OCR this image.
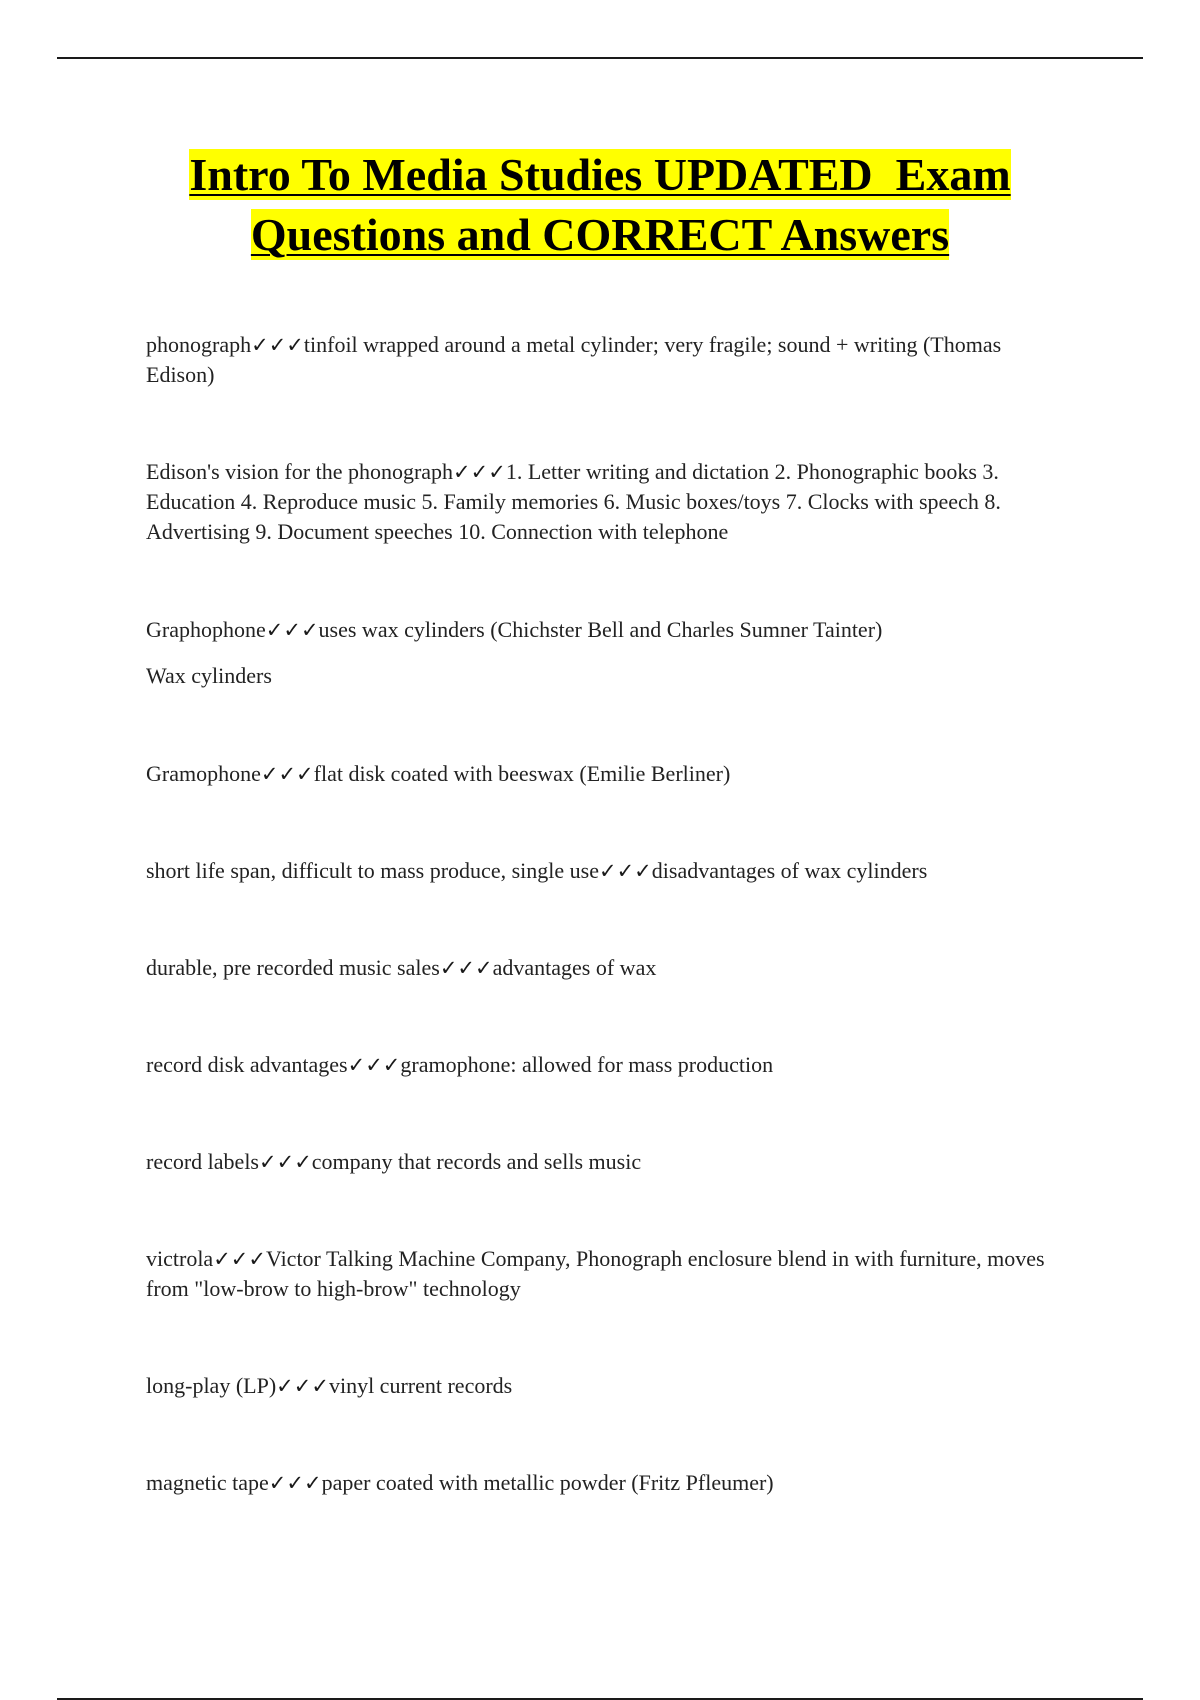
Intro To Media Studies UPDATED  Exam
Questions and CORRECT Answers
phonograph✓✓✓tinfoil wrapped around a metal cylinder; very fragile; sound + writing (Thomas Edison)
Edison's vision for the phonograph✓✓✓1. Letter writing and dictation 2. Phonographic books 3. Education 4. Reproduce music 5. Family memories 6. Music boxes/toys 7. Clocks with speech 8. Advertising 9. Document speeches 10. Connection with telephone
Graphophone✓✓✓uses wax cylinders (Chichster Bell and Charles Sumner Tainter)
Wax cylinders
Gramophone✓✓✓flat disk coated with beeswax (Emilie Berliner)
short life span, difficult to mass produce, single use✓✓✓disadvantages of wax cylinders
durable, pre recorded music sales✓✓✓advantages of wax
record disk advantages✓✓✓gramophone: allowed for mass production
record labels✓✓✓company that records and sells music
victrola✓✓✓Victor Talking Machine Company, Phonograph enclosure blend in with furniture, moves from "low-brow to high-brow" technology
long-play (LP)✓✓✓vinyl current records
magnetic tape✓✓✓paper coated with metallic powder (Fritz Pfleumer)
